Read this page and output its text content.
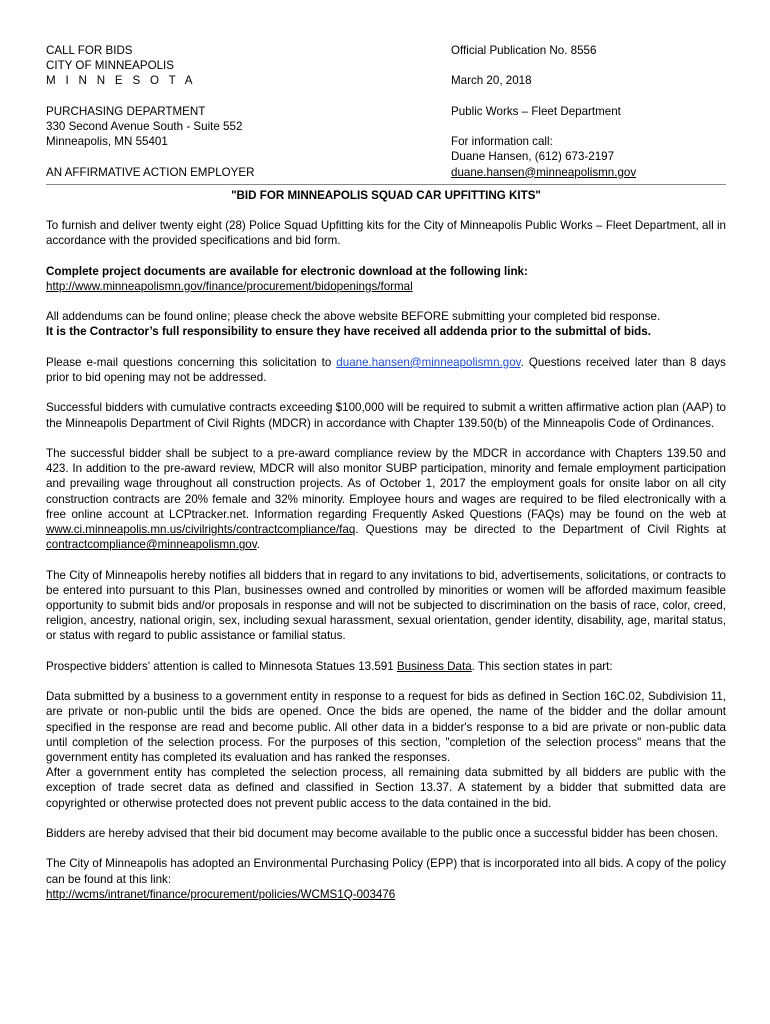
CALL FOR BIDS
CITY OF MINNEAPOLIS
M I N N E S O T A
PURCHASING DEPARTMENT
330 Second Avenue South - Suite 552
Minneapolis, MN 55401
AN AFFIRMATIVE ACTION EMPLOYER
Official Publication No. 8556
March 20, 2018
Public Works – Fleet Department
For information call:
Duane Hansen, (612) 673-2197
duane.hansen@minneapolismn.gov
"BID FOR MINNEAPOLIS SQUAD CAR UPFITTING KITS"

To furnish and deliver twenty eight (28) Police Squad Upfitting kits for the City of Minneapolis Public Works – Fleet Department, all in accordance with the provided specifications and bid form.

Complete project documents are available for electronic download at the following link:
http://www.minneapolismn.gov/finance/procurement/bidopenings/formal

All addendums can be found online; please check the above website BEFORE submitting your completed bid response.
It is the Contractor’s full responsibility to ensure they have received all addenda prior to the submittal of bids.

Please e-mail questions concerning this solicitation to duane.hansen@minneapolismn.gov. Questions received later than 8 days prior to bid opening may not be addressed.

Successful bidders with cumulative contracts exceeding $100,000 will be required to submit a written affirmative action plan (AAP) to the Minneapolis Department of Civil Rights (MDCR) in accordance with Chapter 139.50(b) of the Minneapolis Code of Ordinances.

The successful bidder shall be subject to a pre-award compliance review by the MDCR in accordance with Chapters 139.50 and 423. In addition to the pre-award review, MDCR will also monitor SUBP participation, minority and female employment participation and prevailing wage throughout all construction projects. As of October 1, 2017 the employment goals for onsite labor on all city construction contracts are 20% female and 32% minority. Employee hours and wages are required to be filed electronically with a free online account at LCPtracker.net. Information regarding Frequently Asked Questions (FAQs) may be found on the web at www.ci.minneapolis.mn.us/civilrights/contractcompliance/faq. Questions may be directed to the Department of Civil Rights at contractcompliance@minneapolismn.gov.

The City of Minneapolis hereby notifies all bidders that in regard to any invitations to bid, advertisements, solicitations, or contracts to be entered into pursuant to this Plan, businesses owned and controlled by minorities or women will be afforded maximum feasible opportunity to submit bids and/or proposals in response and will not be subjected to discrimination on the basis of race, color, creed, religion, ancestry, national origin, sex, including sexual harassment, sexual orientation, gender identity, disability, age, marital status, or status with regard to public assistance or familial status.

Prospective bidders' attention is called to Minnesota Statues 13.591 Business Data. This section states in part:

Data submitted by a business to a government entity in response to a request for bids as defined in Section 16C.02, Subdivision 11, are private or non-public until the bids are opened. Once the bids are opened, the name of the bidder and the dollar amount specified in the response are read and become public. All other data in a bidder's response to a bid are private or non-public data until completion of the selection process. For the purposes of this section, "completion of the selection process" means that the government entity has completed its evaluation and has ranked the responses.

After a government entity has completed the selection process, all remaining data submitted by all bidders are public with the exception of trade secret data as defined and classified in Section 13.37. A statement by a bidder that submitted data are copyrighted or otherwise protected does not prevent public access to the data contained in the bid.

Bidders are hereby advised that their bid document may become available to the public once a successful bidder has been chosen.

The City of Minneapolis has adopted an Environmental Purchasing Policy (EPP) that is incorporated into all bids. A copy of the policy can be found at this link:
http://wcms/intranet/finance/procurement/policies/WCMS1Q-003476
